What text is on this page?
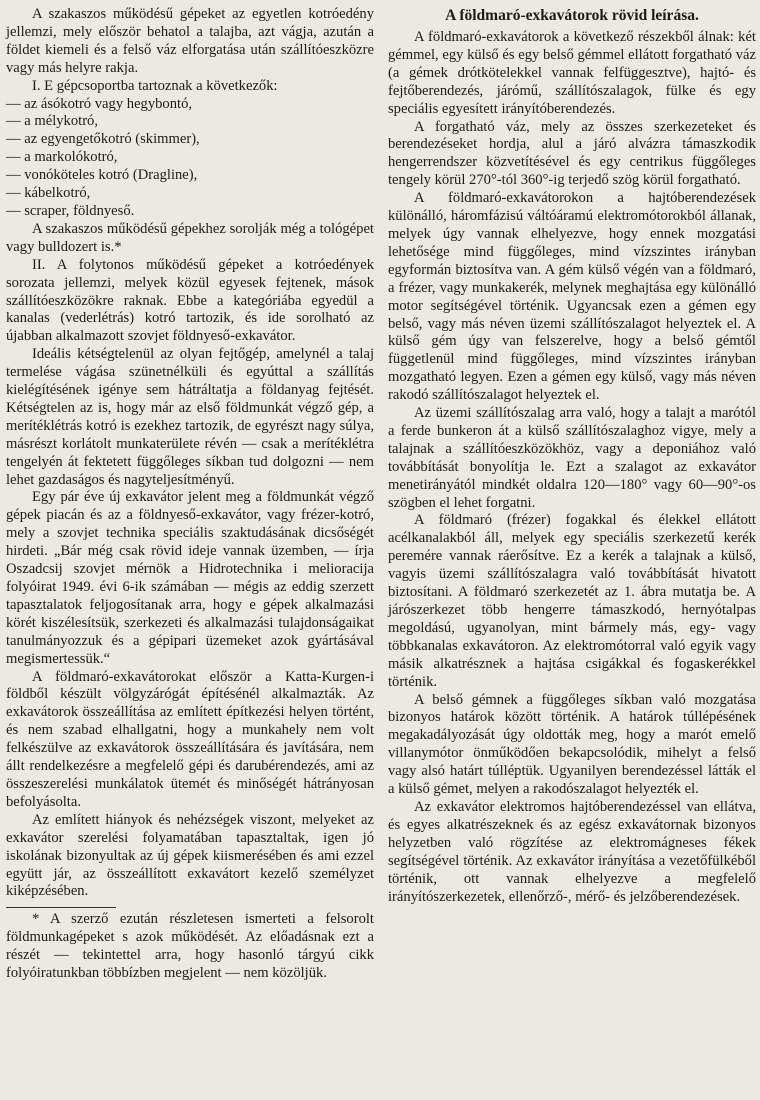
A szakaszos működésű gépeket az egyetlen kotróedény jellemzi, mely először behatol a talajba, azt vágja, azután a földet kiemeli és a felső váz elforgatása után szállítóeszközre vagy más helyre rakja.

I. E gépcsoportba tartoznak a következők:

— az ásókotró vagy hegybontó,
— a mélykotró,
— az egyengetőkotró (skimmer),
— a markolókotró,
— vonóköteles kotró (Dragline),
— kábelkotró,
— scraper, földnyeső.

A szakaszos működésű gépekhez sorolják még a tológépet vagy bulldozert is.*

II. A folytonos működésű gépeket a kotróedények sorozata jellemzi, melyek közül egyesek fejtenek, mások szállítóeszközökre raknak. Ebbe a kategóriába egyedül a kanalas (vederlétrás) kotró tartozik, és ide sorolható az újabban alkalmazott szovjet földnyeső-exkavátor.

Ideális kétségtelenül az olyan fejtőgép, amelynél a talaj termelése vágása szünetnélküli és egyúttal a szállítás kielégítésének igénye sem hátráltatja a földanyag fejtését. Kétségtelen az is, hogy már az első földmunkát végző gép, a merítéklétrás kotró is ezekhez tartozik, de egyrészt nagy súlya, másrészt korlátolt munkaterülete révén — csak a merítéklétra tengelyén át fektetett függőleges síkban tud dolgozni — nem lehet gazdaságos és nagyteljesítményű.

Egy pár éve új exkavátor jelent meg a földmunkát végző gépek piacán és az a földnyeső-exkavátor, vagy frézer-kotró, mely a szovjet technika speciális szaktudásának dicsőségét hirdeti. „Bár még csak rövid ideje vannak üzemben, — írja Oszadcsij szovjet mérnök a Hidrotechnika i melioracija folyóirat 1949. évi 6-ik számában — mégis az eddig szerzett tapasztalatok feljogosítanak arra, hogy e gépek alkalmazási körét kiszélesítsük, szerkezeti és alkalmazási tulajdonságaikat tanulmányozzuk és a gépipari üzemeket azok gyártásával megismertessük.“

A földmaró-exkavátorokat először a Katta-Kurgen-i földből készült völgyzárógát építésénél alkalmazták. Az exkavátorok összeállítása az említett építkezési helyen történt, és nem szabad elhallgatni, hogy a munkahely nem volt felkészülve az exkavátorok összeállítására és javítására, nem állt rendelkezésre a megfelelő gépi és darubérendezés, ami az összeszerelési munkálatok ütemét és minőségét hátrányosan befolyásolta.

Az említett hiányok és nehézségek viszont, melyeket az exkavátor szerelési folyamatában tapasztaltak, igen jó iskolának bizonyultak az új gépek kiismerésében és ami ezzel együtt jár, az összeállított exkavátort kezelő személyzet kiképzésében.

* A szerző ezután részletesen ismerteti a felsorolt földmunkagépeket s azok működését. Az előadásnak ezt a részét — tekintettel arra, hogy hasonló tárgyú cikk folyóiratunkban többízben megjelent — nem közöljük.

A földmaró-exkavátorok rövid leírása.

A földmaró-exkavátorok a következő részekből álnak: két gémmel, egy külső és egy belső gémmel ellátott forgatható váz (a gémek drótkötelekkel vannak felfüggesztve), hajtó- és fejtőberendezés, járómű, szállítószalagok, fülke és egy speciális egyesített irányítóberendezés.

A forgatható váz, mely az összes szerkezeteket és berendezéseket hordja, alul a járó alvázra támaszkodik hengerrendszer közvetítésével és egy centrikus függőleges tengely körül 270°-tól 360°-ig terjedő szög körül forgatható.

A földmaró-exkavátorokon a hajtóberendezések különálló, háromfázisú váltóáramú elektromótorokból állanak, melyek úgy vannak elhelyezve, hogy ennek mozgatási lehetősége mind függőleges, mind vízszintes irányban egyformán biztosítva van. A gém külső végén van a földmaró, a frézer, vagy munkakerék, melynek meghajtása egy különálló motor segítségével történik. Ugyancsak ezen a gémen egy belső, vagy más néven üzemi szállítószalagot helyeztek el. A külső gém úgy van felszerelve, hogy a belső gémtől függetlenül mind függőleges, mind vízszintes irányban mozgatható legyen. Ezen a gémen egy külső, vagy más néven rakodó szállítószalagot helyeztek el.

Az üzemi szállítószalag arra való, hogy a talajt a marótól a ferde bunkeron át a külső szállítószalaghoz vigye, mely a talajnak a szállítóeszközökhöz, vagy a deponiához való továbbítását bonyolítja le. Ezt a szalagot az exkavátor menetirányától mindkét oldalra 120—180° vagy 60—90°-os szögben el lehet forgatni.

A földmaró (frézer) fogakkal és élekkel ellátott acélkanalakból áll, melyek egy speciális szerkezetű kerék peremére vannak ráerősítve. Ez a kerék a talajnak a külső, vagyis üzemi szállítószalagra való továbbítását hivatott biztosítani. A földmaró szerkezetét az 1. ábra mutatja be. A járószerkezet több hengerre támaszkodó, hernyótalpas megoldású, ugyanolyan, mint bármely más, egy- vagy többkanalas exkavátoron. Az elektromótorral való egyik vagy másik alkatrésznek a hajtása csigákkal és fogaskerékkel történik.

A belső gémnek a függőleges síkban való mozgatása bizonyos határok között történik. A határok túllépésének megakadályozását úgy oldották meg, hogy a marót emelő villanymótor önműködően bekapcsolódik, mihelyt a felső vagy alsó határt túlléptük. Ugyanilyen berendezéssel látták el a külső gémet, melyen a rakodószalagot helyezték el.

Az exkavátor elektromos hajtóberendezéssel van ellátva, és egyes alkatrészeknek és az egész exkavátornak bizonyos helyzetben való rögzítése az elektromágneses fékek segítségével történik. Az exkavátor irányítása a vezetőfülkéből történik, ott vannak elhelyezve a megfelelő irányítószerkezetek, ellenőrző-, mérő- és jelzőberendezések.
